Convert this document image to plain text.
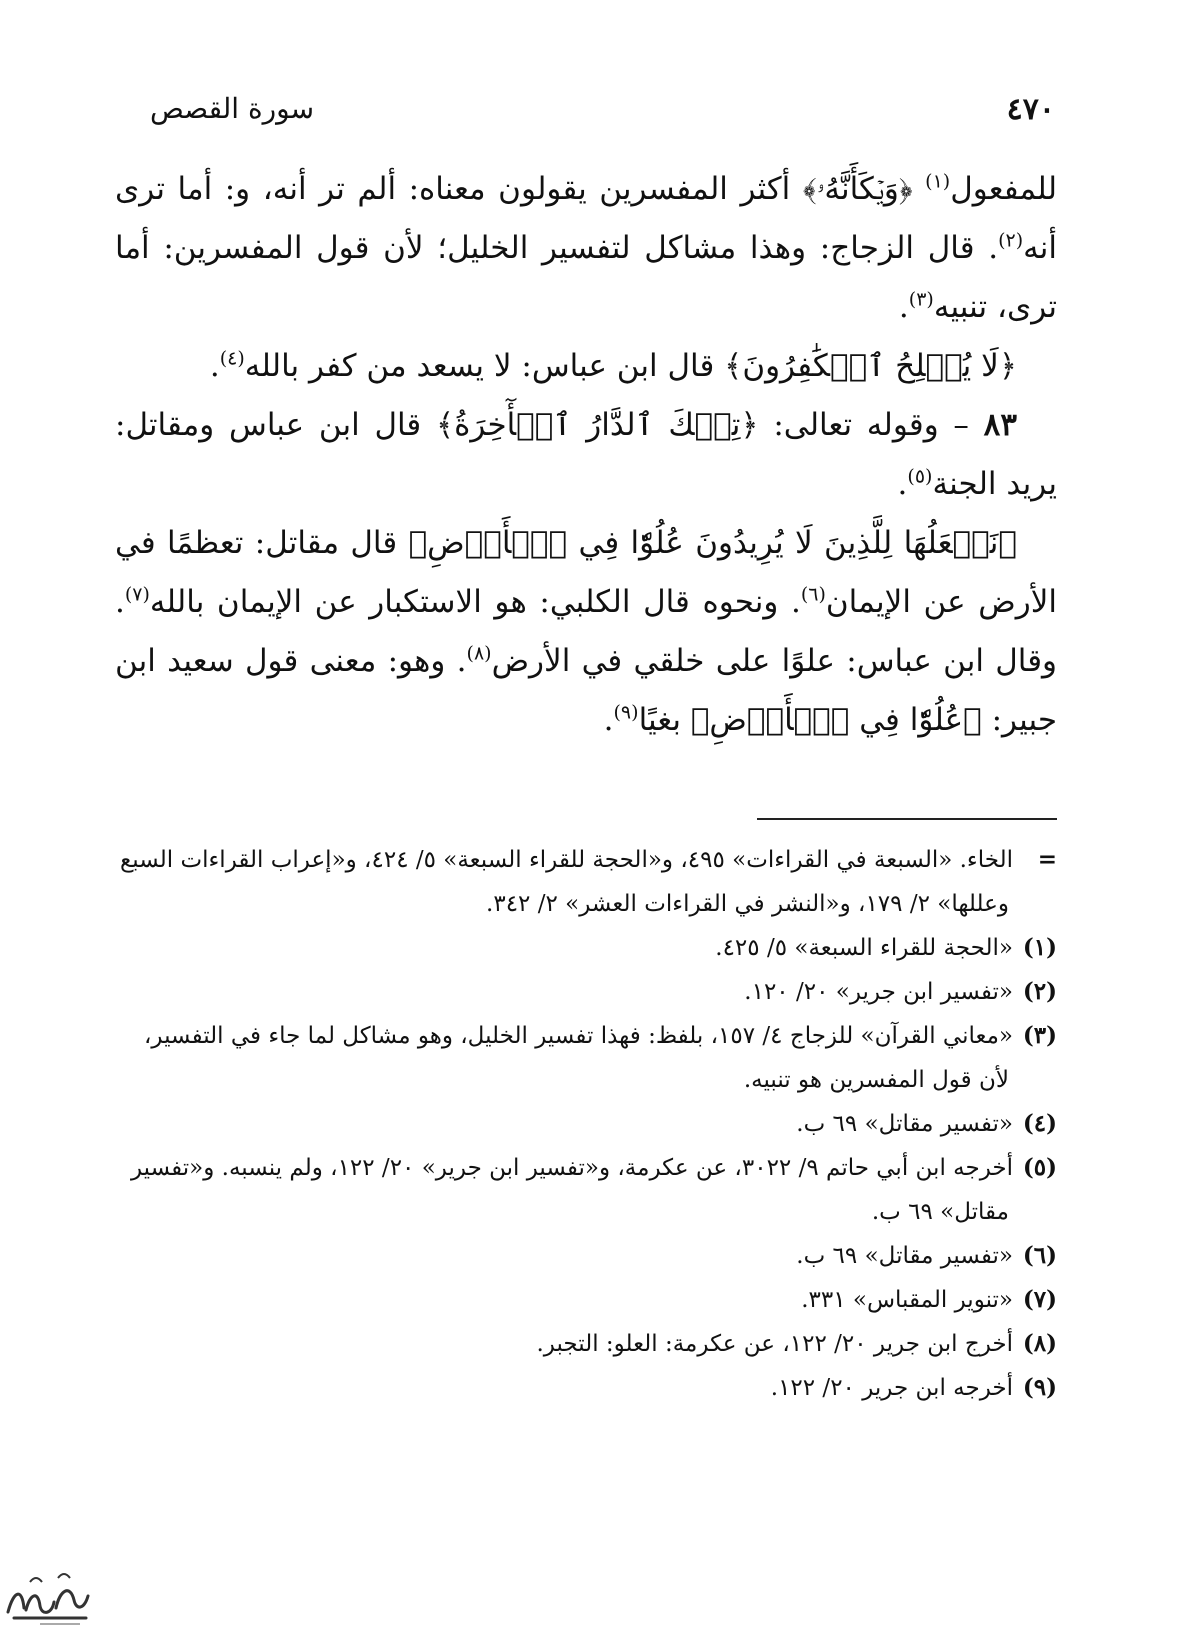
٤٧٠
سورة القصص

للمفعول$^{(١)}$ ﴿وَيۡكَأَنَّهُۥ﴾ أكثر المفسرين يقولون معناه: ألم تر أنه، و: أما ترى أنه$^{(٢)}$. قال الزجاج: وهذا مشاكل لتفسير الخليل؛ لأن قول المفسرين: أما ترى، تنبيه$^{(٣)}$.

﴿لَا يُفۡلِحُ ٱلۡكَٰفِرُونَ﴾ قال ابن عباس: لا يسعد من كفر بالله$^{(٤)}$.

٨٣ – وقوله تعالى: ﴿تِلۡكَ ٱلدَّارُ ٱلۡأٓخِرَةُ﴾ قال ابن عباس ومقاتل: يريد الجنة$^{(٥)}$.

﴿نَجۡعَلُهَا لِلَّذِينَ لَا يُرِيدُونَ عُلُوّٗا فِي ٱلۡأَرۡضِ﴾ قال مقاتل: تعظمًا في الأرض عن الإيمان$^{(٦)}$. ونحوه قال الكلبي: هو الاستكبار عن الإيمان بالله$^{(٧)}$. وقال ابن عباس: علوًا على خلقي في الأرض$^{(٨)}$. وهو: معنى قول سعيد ابن جبير: ﴿عُلُوّٗا فِي ٱلۡأَرۡضِ﴾ بغيًا$^{(٩)}$.

=الخاء. «السبعة في القراءات» ٤٩٥، و«الحجة للقراء السبعة» ٥/ ٤٢٤، و«إعراب القراءات السبع وعللها» ٢/ ١٧٩، و«النشر في القراءات العشر» ٢/ ٣٤٢.

(١)«الحجة للقراء السبعة» ٥/ ٤٢٥.

(٢)«تفسير ابن جرير» ٢٠/ ١٢٠.

(٣)«معاني القرآن» للزجاج ٤/ ١٥٧، بلفظ: فهذا تفسير الخليل، وهو مشاكل لما جاء في التفسير، لأن قول المفسرين هو تنبيه.

(٤)«تفسير مقاتل» ٦٩ ب.

(٥)أخرجه ابن أبي حاتم ٩/ ٣٠٢٢، عن عكرمة، و«تفسير ابن جرير» ٢٠/ ١٢٢، ولم ينسبه. و«تفسير مقاتل» ٦٩ ب.

(٦)«تفسير مقاتل» ٦٩ ب.

(٧)«تنوير المقباس» ٣٣١.

(٨)أخرج ابن جرير ٢٠/ ١٢٢، عن عكرمة: العلو: التجبر.

(٩)أخرجه ابن جرير ٢٠/ ١٢٢.
